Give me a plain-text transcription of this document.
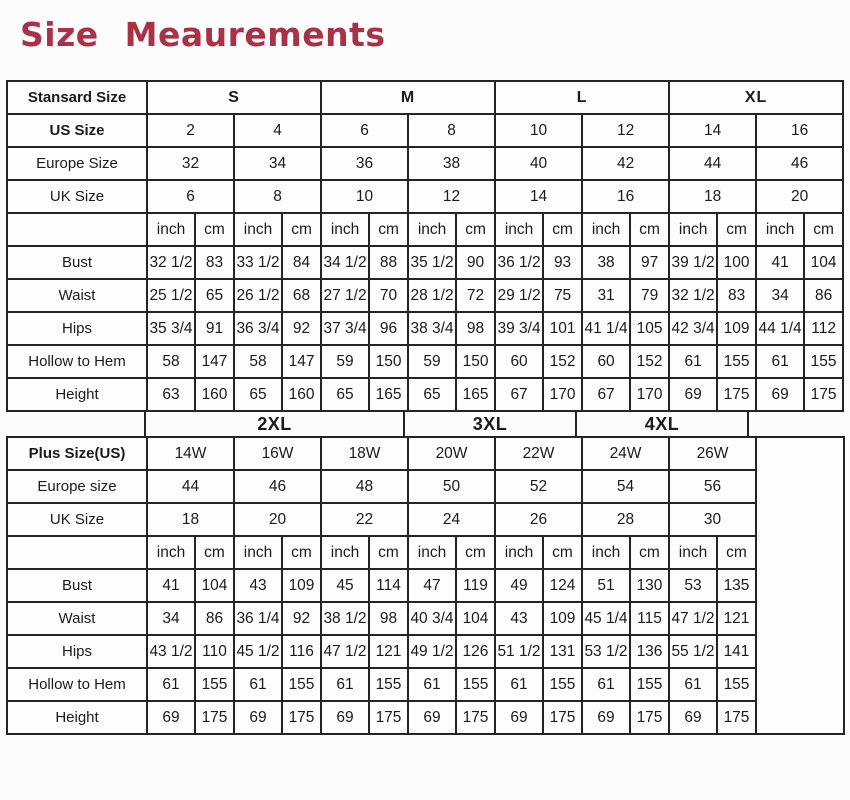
Size Meaurements
Stansard Size	S				M				L				XL			
US Size	2		4		6		8		10		12		14		16	
Europe Size	32		34		36		38		40		42		44		46	
UK Size	6		8		10		12		14		16		18		20	
	inch	cm	inch	cm	inch	cm	inch	cm	inch	cm	inch	cm	inch	cm	inch	cm
Bust	32 1/2	83	33 1/2	84	34 1/2	88	35 1/2	90	36 1/2	93	38	97	39 1/2	100	41	104
Waist	25 1/2	65	26 1/2	68	27 1/2	70	28 1/2	72	29 1/2	75	31	79	32 1/2	83	34	86
Hips	35 3/4	91	36 3/4	92	37 3/4	96	38 3/4	98	39 3/4	101	41 1/4	105	42 3/4	109	44 1/4	112
Hollow to Hem	58	147	58	147	59	150	59	150	60	152	60	152	61	155	61	155
Height	63	160	65	160	65	165	65	165	67	170	67	170	69	175	69	175
2XL	3XL	4XL
Plus Size(US)	14W		16W		18W		20W		22W		24W		26W		
Europe size	44		46		48		50		52		54		56		
UK Size	18		20		22		24		26		28		30		
	inch	cm	inch	cm	inch	cm	inch	cm	inch	cm	inch	cm	inch	cm	
Bust	41	104	43	109	45	114	47	119	49	124	51	130	53	135	
Waist	34	86	36 1/4	92	38 1/2	98	40 3/4	104	43	109	45 1/4	115	47 1/2	121	
Hips	43 1/2	110	45 1/2	116	47 1/2	121	49 1/2	126	51 1/2	131	53 1/2	136	55 1/2	141	
Hollow to Hem	61	155	61	155	61	155	61	155	61	155	61	155	61	155	
Height	69	175	69	175	69	175	69	175	69	175	69	175	69	175	
